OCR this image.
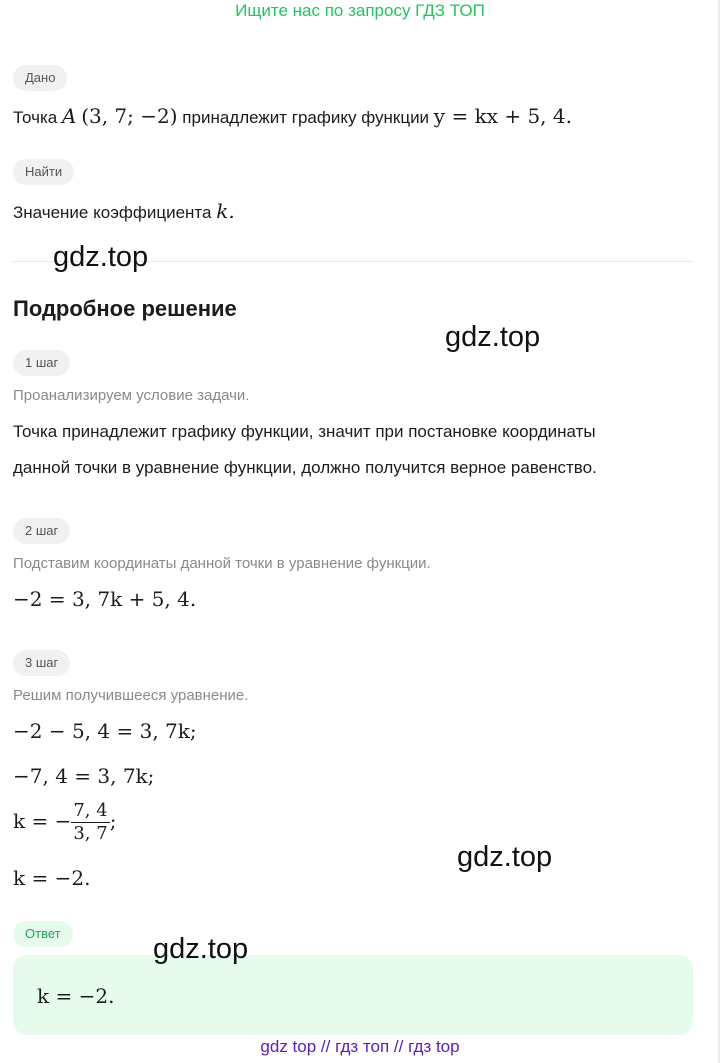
Ищите нас по запросу ГДЗ ТОП
Дано
Точка A (3, 7; −2) принадлежит графику функции y = kx + 5, 4.
Найти
Значение коэффициента k.
Подробное решение
1 шаг
Проанализируем условие задачи.
Точка принадлежит графику функции, значит при постановке координаты
данной точки в уравнение функции, должно получится верное равенство.
2 шаг
Подставим координаты данной точки в уравнение функции.
−2 = 3, 7k + 5, 4.
3 шаг
Решим получившееся уравнение.
−2 − 5, 4 = 3, 7k;
−7, 4 = 3, 7k;
k = − $\frac{7, 4}{3, 7}$ ;
k = −2.
Ответ
k = −2.
gdz.top
gdz.top
gdz.top
gdz.top
gdz top // гдз топ // гдз top
